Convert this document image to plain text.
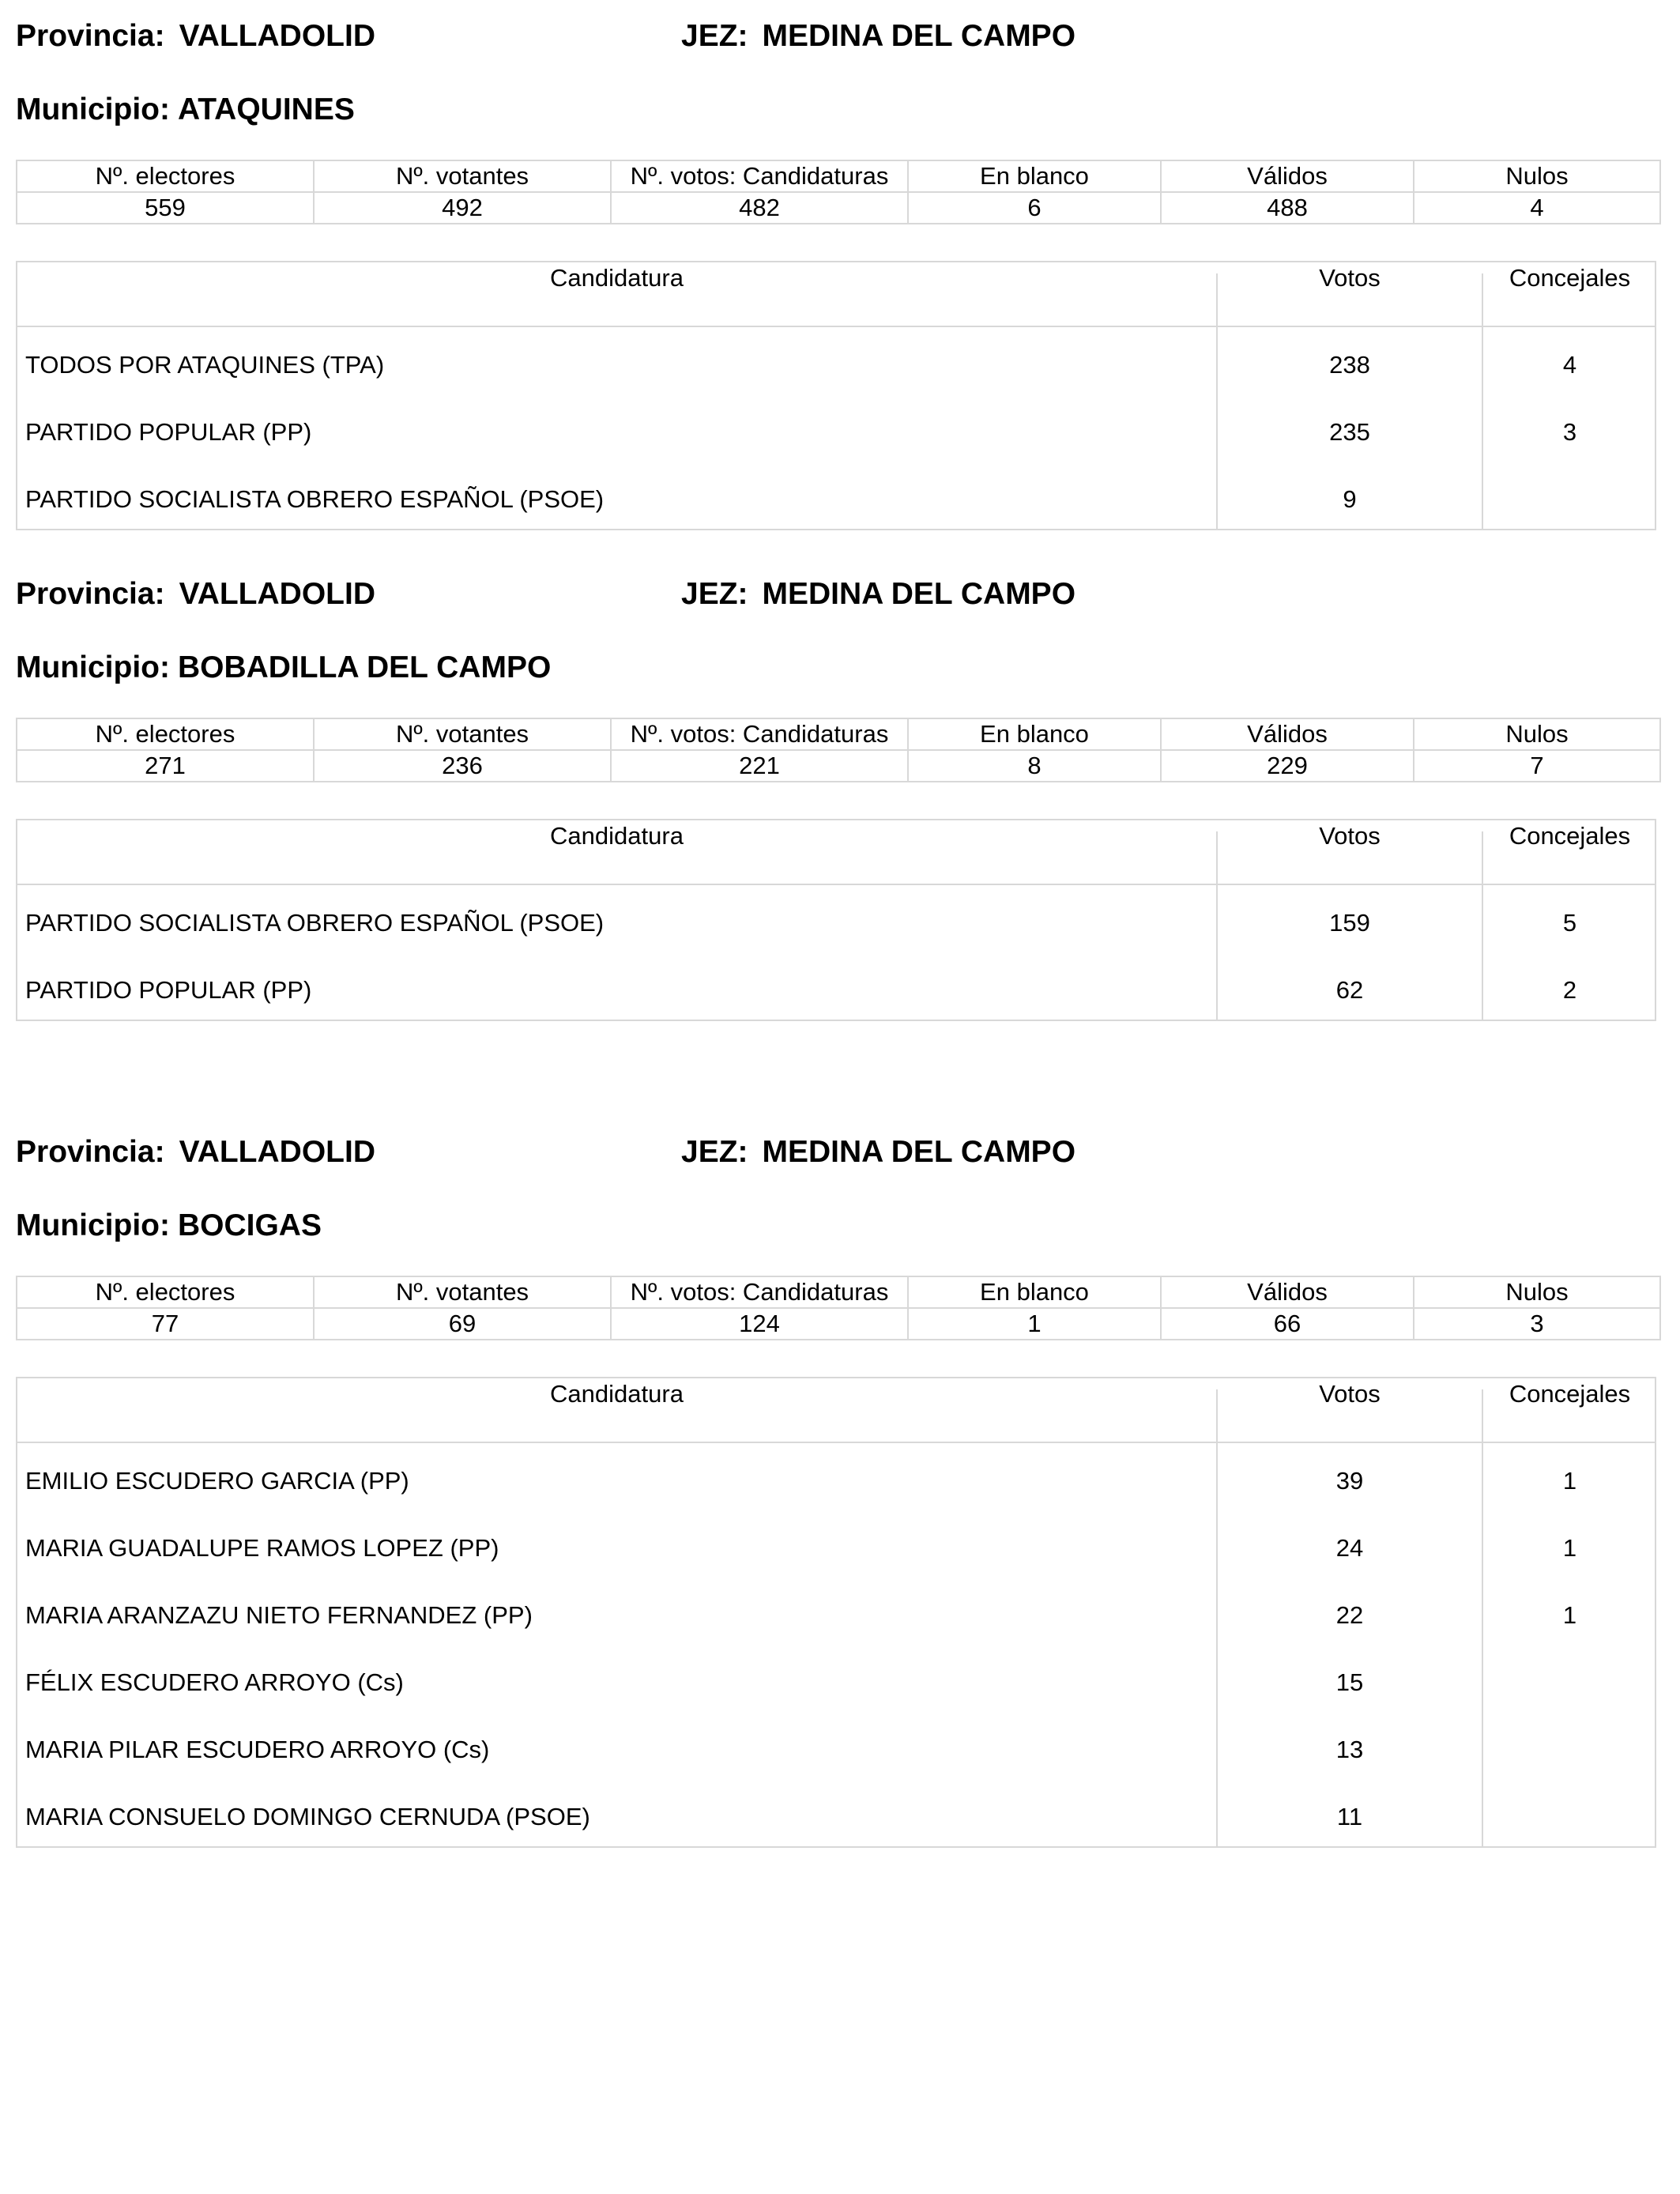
Provincia: VALLADOLID	JEZ: MEDINA DEL CAMPO
Municipio: ATAQUINES
Nº. electores	Nº. votantes	Nº. votos: Candidaturas	En blanco	Válidos	Nulos
559	492	482	6	488	4
Candidatura	Votos	Concejales
TODOS POR ATAQUINES (TPA)	238	4
PARTIDO POPULAR (PP)	235	3
PARTIDO SOCIALISTA OBRERO ESPAÑOL (PSOE)	9
Provincia: VALLADOLID	JEZ: MEDINA DEL CAMPO
Municipio: BOBADILLA DEL CAMPO
Nº. electores	Nº. votantes	Nº. votos: Candidaturas	En blanco	Válidos	Nulos
271	236	221	8	229	7
Candidatura	Votos	Concejales
PARTIDO SOCIALISTA OBRERO ESPAÑOL (PSOE)	159	5
PARTIDO POPULAR (PP)	62	2
Provincia: VALLADOLID	JEZ: MEDINA DEL CAMPO
Municipio: BOCIGAS
Nº. electores	Nº. votantes	Nº. votos: Candidaturas	En blanco	Válidos	Nulos
77	69	124	1	66	3
Candidatura	Votos	Concejales
EMILIO ESCUDERO GARCIA (PP)	39	1
MARIA GUADALUPE RAMOS LOPEZ (PP)	24	1
MARIA ARANZAZU NIETO FERNANDEZ (PP)	22	1
FÉLIX ESCUDERO ARROYO (Cs)	15
MARIA PILAR ESCUDERO ARROYO (Cs)	13
MARIA CONSUELO DOMINGO CERNUDA (PSOE)	11
